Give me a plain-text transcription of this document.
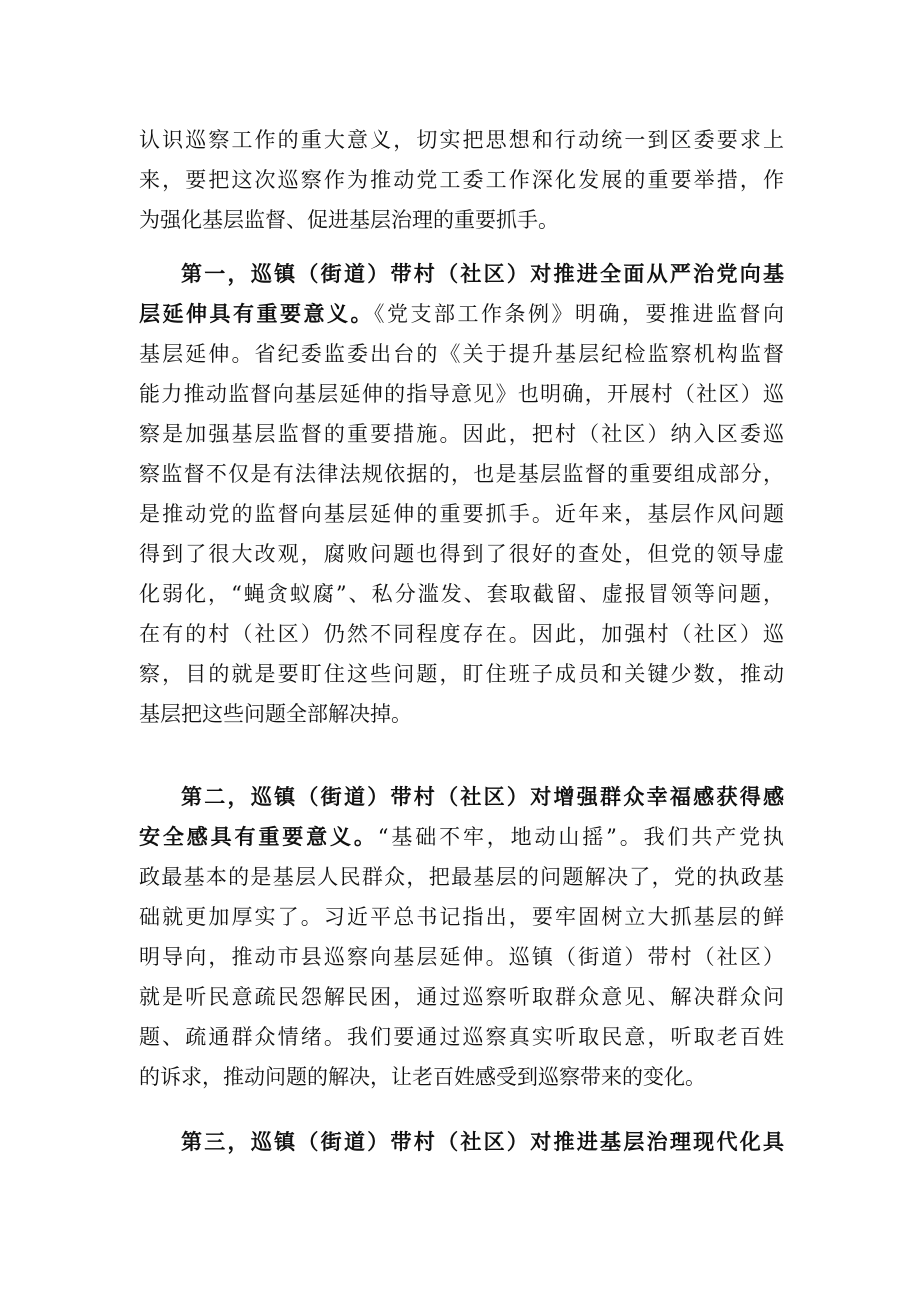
认识巡察工作的重大意义，切实把思想和行动统一到区委要求上
来，要把这次巡察作为推动党工委工作深化发展的重要举措，作
为强化基层监督、促进基层治理的重要抓手。
第一，巡镇（街道）带村（社区）对推进全面从严治党向基
层延伸具有重要意义。《党支部工作条例》明确，要推进监督向
基层延伸。省纪委监委出台的《关于提升基层纪检监察机构监督
能力推动监督向基层延伸的指导意见》也明确，开展村（社区）巡
察是加强基层监督的重要措施。因此，把村（社区）纳入区委巡
察监督不仅是有法律法规依据的，也是基层监督的重要组成部分，
是推动党的监督向基层延伸的重要抓手。近年来，基层作风问题
得到了很大改观，腐败问题也得到了很好的查处，但党的领导虚
化弱化，“蝇贪蚁腐”、私分滥发、套取截留、虚报冒领等问题，
在有的村（社区）仍然不同程度存在。因此，加强村（社区）巡
察，目的就是要盯住这些问题，盯住班子成员和关键少数，推动
基层把这些问题全部解决掉。
第二，巡镇（街道）带村（社区）对增强群众幸福感获得感
安全感具有重要意义。“基础不牢，地动山摇”。我们共产党执
政最基本的是基层人民群众，把最基层的问题解决了，党的执政基
础就更加厚实了。习近平总书记指出，要牢固树立大抓基层的鲜
明导向，推动市县巡察向基层延伸。巡镇（街道）带村（社区）
就是听民意疏民怨解民困，通过巡察听取群众意见、解决群众问
题、疏通群众情绪。我们要通过巡察真实听取民意，听取老百姓
的诉求，推动问题的解决，让老百姓感受到巡察带来的变化。
第三，巡镇（街道）带村（社区）对推进基层治理现代化具
